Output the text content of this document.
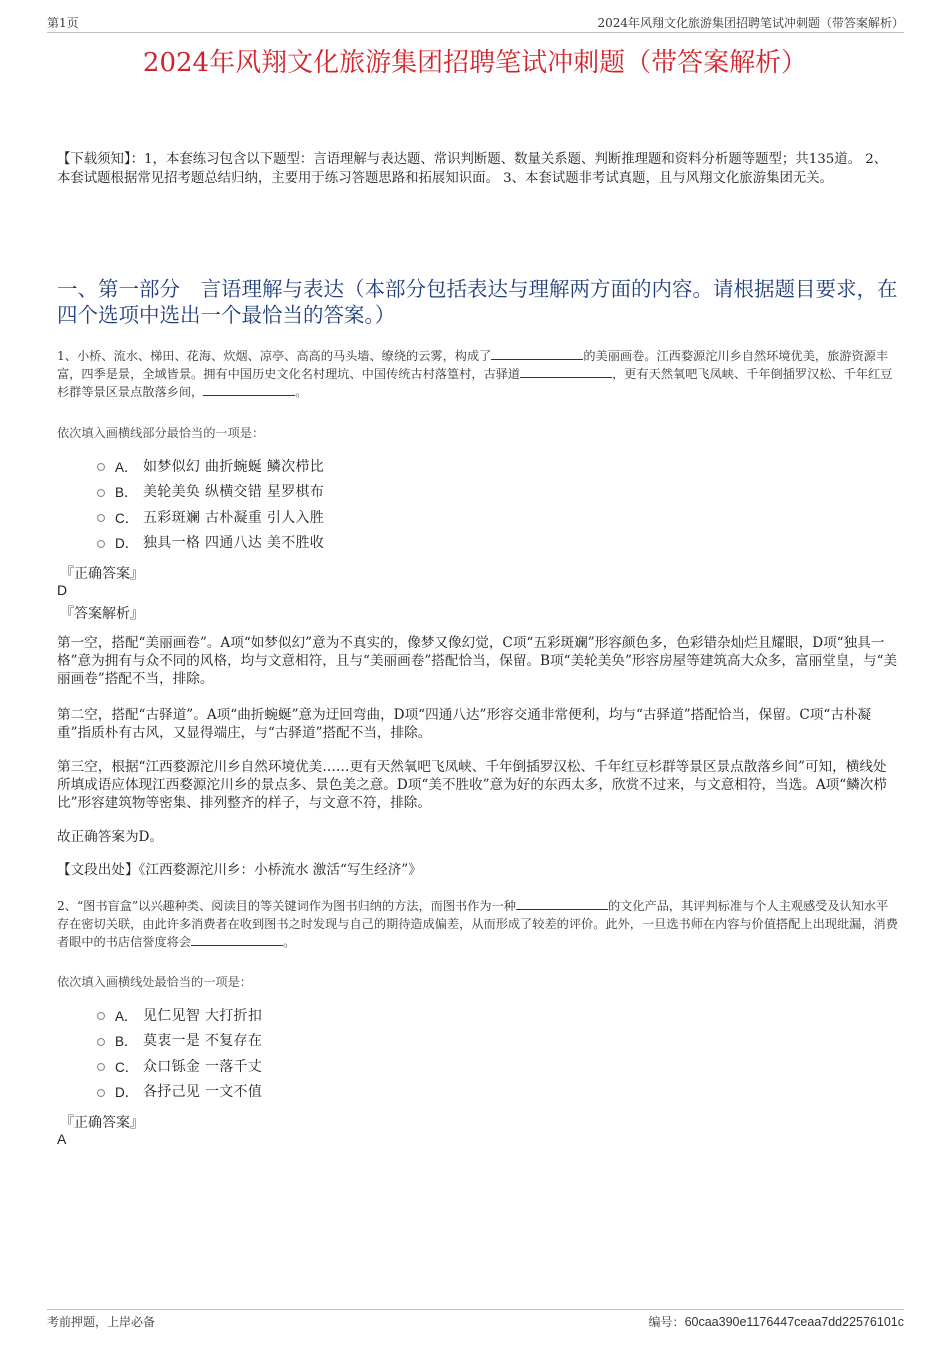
第1页	2024年风翔文化旅游集团招聘笔试冲刺题（带答案解析）
2024年风翔文化旅游集团招聘笔试冲刺题（带答案解析）
【下载须知】：1，本套练习包含以下题型：言语理解与表达题、常识判断题、数量关系题、判断推理题和资料分析题等题型；共135道。 2、本套试题根据常见招考题总结归纳，主要用于练习答题思路和拓展知识面。 3、本套试题非考试真题，且与风翔文化旅游集团无关。
一、第一部分　言语理解与表达（本部分包括表达与理解两方面的内容。请根据题目要求，在四个选项中选出一个最恰当的答案。）
1、小桥、流水、梯田、花海、炊烟、凉亭、高高的马头墙、缭绕的云雾，构成了	的美丽画卷。江西婺源沱川乡自然环境优美，旅游资源丰富，四季是景，全域皆景。拥有中国历史文化名村理坑、中国传统古村落篁村，古驿道	，更有天然氧吧飞凤峡、千年倒插罗汉松、千年红豆杉群等景区景点散落乡间，	。
依次填入画横线部分最恰当的一项是：
A． 如梦似幻 曲折蜿蜒 鳞次栉比
B． 美轮美奂 纵横交错 星罗棋布
C． 五彩斑斓 古朴凝重 引人入胜
D． 独具一格 四通八达 美不胜收
『正确答案』
D
『答案解析』
第一空，搭配“美丽画卷”。A项“如梦似幻”意为不真实的，像梦又像幻觉，C项“五彩斑斓”形容颜色多，色彩错杂灿烂且耀眼，D项“独具一格”意为拥有与众不同的风格，均与文意相符，且与“美丽画卷”搭配恰当，保留。B项“美轮美奂”形容房屋等建筑高大众多，富丽堂皇，与“美丽画卷”搭配不当，排除。
第二空，搭配“古驿道”。A项“曲折蜿蜒”意为迂回弯曲，D项“四通八达”形容交通非常便利，均与“古驿道”搭配恰当，保留。C项“古朴凝重”指质朴有古风，又显得端庄，与“古驿道”搭配不当，排除。
第三空，根据“江西婺源沱川乡自然环境优美……更有天然氧吧飞凤峡、千年倒插罗汉松、千年红豆杉群等景区景点散落乡间”可知，横线处所填成语应体现江西婺源沱川乡的景点多、景色美之意。D项“美不胜收”意为好的东西太多，欣赏不过来，与文意相符，当选。A项“鳞次栉比”形容建筑物等密集、排列整齐的样子，与文意不符，排除。
故正确答案为D。
【文段出处】《江西婺源沱川乡：小桥流水 激活“写生经济”》
2、“图书盲盒”以兴趣种类、阅读目的等关键词作为图书归纳的方法，而图书作为一种	的文化产品，其评判标准与个人主观感受及认知水平存在密切关联，由此许多消费者在收到图书之时发现与自己的期待造成偏差，从而形成了较差的评价。此外，一旦选书师在内容与价值搭配上出现纰漏，消费者眼中的书店信誉度将会	。
依次填入画横线处最恰当的一项是：
A． 见仁见智 大打折扣
B． 莫衷一是 不复存在
C． 众口铄金 一落千丈
D． 各抒己见 一文不值
『正确答案』
A
考前押题，上岸必备	编号：60caa390e1176447ceaa7dd22576101c
